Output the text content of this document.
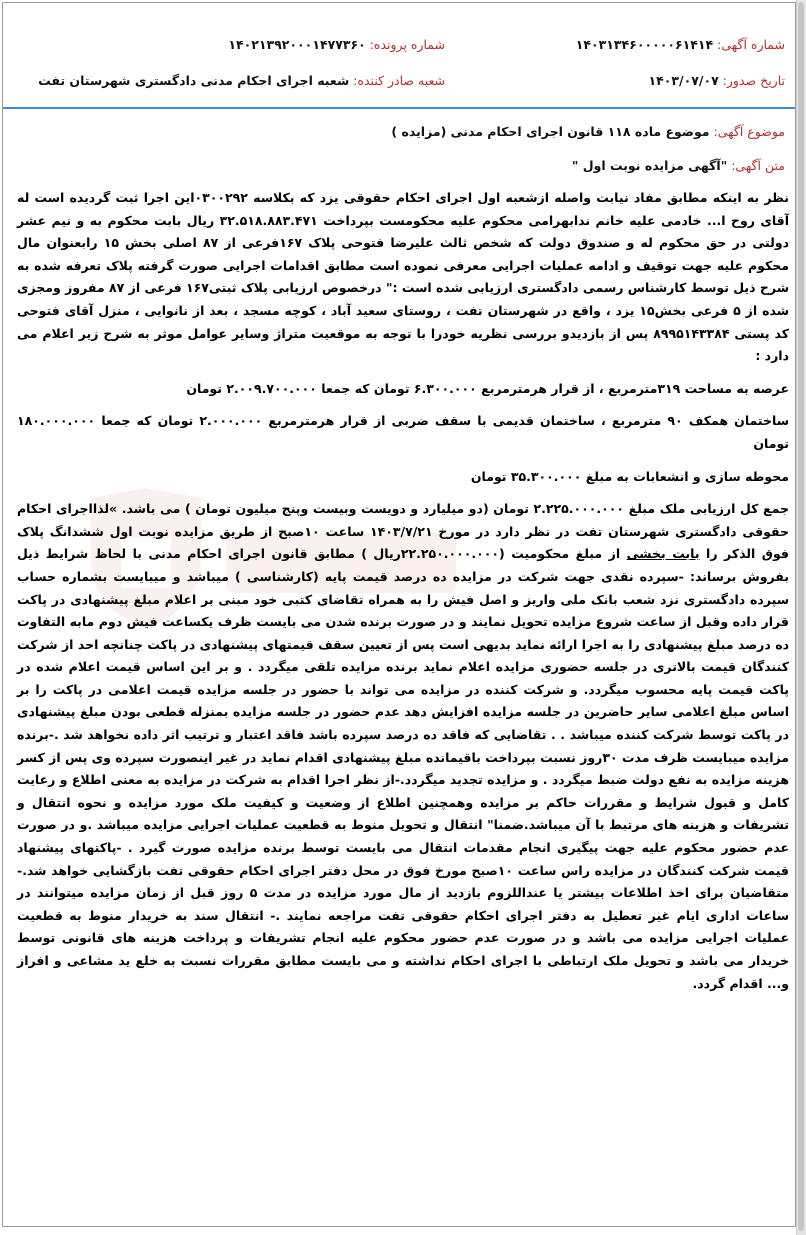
شماره آگهی: ۱۴۰۳۱۳۴۶۰۰۰۰۰۶۱۴۱۴
شماره پرونده: ۱۴۰۲۱۳۹۲۰۰۰۱۴۷۷۳۶۰
تاریخ صدور: ۱۴۰۳/۰۷/۰۷
شعبه صادر کننده: شعبه اجرای احکام مدنی دادگستری شهرستان تفت
موضوع آگهی: موضوع ماده ۱۱۸ قانون اجرای احکام مدنی (مزایده )
متن آگهی: "آگهی مزایده نوبت اول "

نظر به اینکه مطابق مفاد نیابت واصله ازشعبه اول اجرای احکام حقوقی یزد که بکلاسه ۰۳۰۰۲۹۲اين اجرا ثبت گردیده است له آقای روح ا... خادمی علیه خانم ندابهرامی محکوم علیه محکومست بپرداخت ۳۲.۵۱۸.۸۸۳.۴۷۱ ریال بابت محکوم به و نیم عشر دولتی در حق محکوم له و صندوق دولت که شخص ثالث علیرضا فتوحی پلاک ۱۶۷فرعی از ۸۷ اصلی بخش ۱۵ رابعنوان مال محکوم علیه جهت توقیف و ادامه عملیات اجرایی معرفی نموده است مطابق اقدامات اجرایی صورت گرفته پلاک تعرفه شده به شرح ذیل توسط کارشناس رسمی دادگستری ارزیابی شده است :" درخصوص ارزیابی پلاک ثبتی۱۶۷ فرعی از ۸۷ مفروز ومجزی شده از ۵ فرعی بخش۱۵ یزد ، واقع در شهرستان تفت ، روستای سعید آباد ، کوچه مسجد ، بعد از نانوایی ، منزل آقای فتوحی کد پستی ۸۹۹۵۱۴۳۳۸۴ پس از بازدیدو بررسی نظریه خودرا با توجه به موقعیت متراژ وسایر عوامل موثر به شرح زیر اعلام می دارد :

عرصه به مساحت ۳۱۹مترمربع ، از قرار هرمترمربع ۶.۳۰۰.۰۰۰ تومان که جمعا ۲.۰۰۹.۷۰۰.۰۰۰ تومان

ساختمان همکف ۹۰ مترمربع ، ساختمان قدیمی با سقف ضربی از قرار هرمترمربع ۲.۰۰۰.۰۰۰ تومان که جمعا ۱۸۰.۰۰۰.۰۰۰ تومان

محوطه سازی و انشعابات به مبلغ ۳۵.۳۰۰.۰۰۰ تومان

جمع کل ارزیابی ملک مبلغ ۲.۲۲۵.۰۰۰.۰۰۰ تومان (دو میلیارد و دویست وبیست وپنج میلیون تومان ) می باشد. »لذااجرای احکام حقوقی دادگستری شهرستان تفت در نظر دارد در مورخ ۱۴۰۳/۷/۲۱ ساعت ۱۰صبح از طریق مزایده نوبت اول ششدانگ پلاک فوق الذکر را بابت بخشی از مبلغ محکومیت (۲۲.۲۵۰.۰۰۰.۰۰۰ریال ) مطابق قانون اجرای احکام مدنی با لحاظ شرایط ذیل بفروش برساند: -سپرده نقدی جهت شرکت در مزایده ده درصد قیمت پایه (کارشناسی ) میباشد و میبایست بشماره حساب سپرده دادگستری نزد شعب بانک ملی واریز و اصل فیش را به همراه تقاضای کتبی خود مبنی بر اعلام مبلغ پیشنهادی در پاکت قرار داده وقبل از ساعت شروع مزایده تحویل نمایند و در صورت برنده شدن می بایست ظرف یکساعت فیش دوم مابه التفاوت ده درصد مبلغ پیشنهادی را به اجرا ارائه نماید بدیهی است پس از تعیین سقف قیمتهای پیشنهادی در پاکت چنانچه احد از شرکت کنندگان قیمت بالاتری در جلسه حضوری مزایده اعلام نماید برنده مزایده تلقی میگردد . و بر این اساس قیمت اعلام شده در پاکت قیمت پایه محسوب میگردد. و شرکت کننده در مزایده می تواند با حضور در جلسه مزایده قیمت اعلامی در پاکت را بر اساس مبلغ اعلامی سایر حاضرین در جلسه مزایده افزایش دهد عدم حضور در جلسه مزایده بمنزله قطعی بودن مبلغ پیشنهادی در پاکت توسط شرکت کننده میباشد . . تقاضایی که فاقد ده درصد سپرده باشد فاقد اعتبار و ترتیب اثر داده نخواهد شد .-برنده مزایده میبایست ظرف مدت ۳۰روز نسبت بپرداخت باقیمانده مبلغ پیشنهادی اقدام نماید در غیر اینصورت سپرده وی پس از کسر هزینه مزایده به نفع دولت ضبط میگردد . و مزایده تجدید میگردد.-از نظر اجرا اقدام به شرکت در مزایده به معنی اطلاع و رعایت کامل و قبول شرایط و مقررات حاکم بر مزایده وهمچنین اطلاع از وضعیت و کیفیت ملک مورد مزایده و نحوه انتقال و تشریفات و هزینه های مرتبط با آن میباشد.ضمنا" انتقال و تحویل منوط به قطعیت عملیات اجرایی مزایده میباشد .و در صورت عدم حضور محکوم علیه جهت پیگیری انجام مقدمات انتقال می بایست توسط برنده مزایده صورت گیرد . -پاکتهای پیشنهاد قیمت شرکت کنندگان در مزایده راس ساعت ۱۰صبح مورخ فوق در محل دفتر اجرای احکام حقوقی تفت بازگشایی خواهد شد.-متقاضیان برای اخذ اطلاعات بیشتر یا عنداللزوم بازدید از مال مورد مزایده در مدت ۵ روز قبل از زمان مزایده میتوانند در ساعات اداری ایام غیر تعطیل به دفتر اجرای احکام حقوقی تفت مراجعه نمایند .- انتقال سند به خریدار منوط به قطعیت عملیات اجرایی مزایده می باشد و در صورت عدم حضور محکوم علیه انجام تشریفات و پرداخت هزینه های قانونی توسط خریدار می باشد و تحویل ملک ارتباطی با اجرای احکام نداشته و می بایست مطابق مقررات نسبت به خلع ید مشاعی و افراز و... اقدام گردد.
